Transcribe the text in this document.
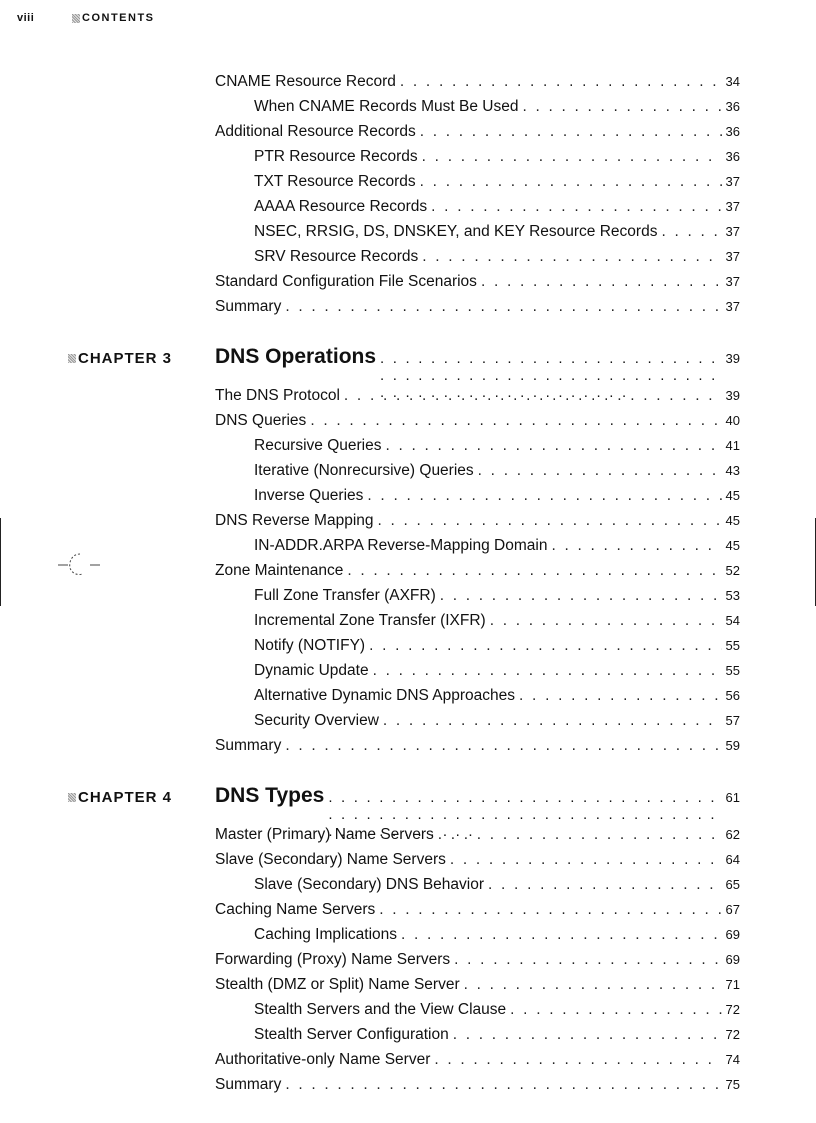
viii	CONTENTS
CNAME Resource Record . . .	34
When CNAME Records Must Be Used . . .	36
Additional Resource Records . . .	36
PTR Resource Records . . .	36
TXT Resource Records . . .	37
AAAA Resource Records . . .	37
NSEC, RRSIG, DS, DNSKEY, and KEY Resource Records . . .	37
SRV Resource Records . . .	37
Standard Configuration File Scenarios . . .	37
Summary . . .	37
CHAPTER 3 DNS Operations . . .	39
The DNS Protocol . . .	39
DNS Queries . . .	40
Recursive Queries . . .	41
Iterative (Nonrecursive) Queries . . .	43
Inverse Queries . . .	45
DNS Reverse Mapping . . .	45
IN-ADDR.ARPA Reverse-Mapping Domain . . .	45
Zone Maintenance . . .	52
Full Zone Transfer (AXFR) . . .	53
Incremental Zone Transfer (IXFR) . . .	54
Notify (NOTIFY) . . .	55
Dynamic Update . . .	55
Alternative Dynamic DNS Approaches . . .	56
Security Overview . . .	57
Summary . . .	59
CHAPTER 4 DNS Types . . .	61
Master (Primary) Name Servers . . .	62
Slave (Secondary) Name Servers . . .	64
Slave (Secondary) DNS Behavior . . .	65
Caching Name Servers . . .	67
Caching Implications . . .	69
Forwarding (Proxy) Name Servers . . .	69
Stealth (DMZ or Split) Name Server . . .	71
Stealth Servers and the View Clause . . .	72
Stealth Server Configuration . . .	72
Authoritative-only Name Server . . .	74
Summary . . .	75
